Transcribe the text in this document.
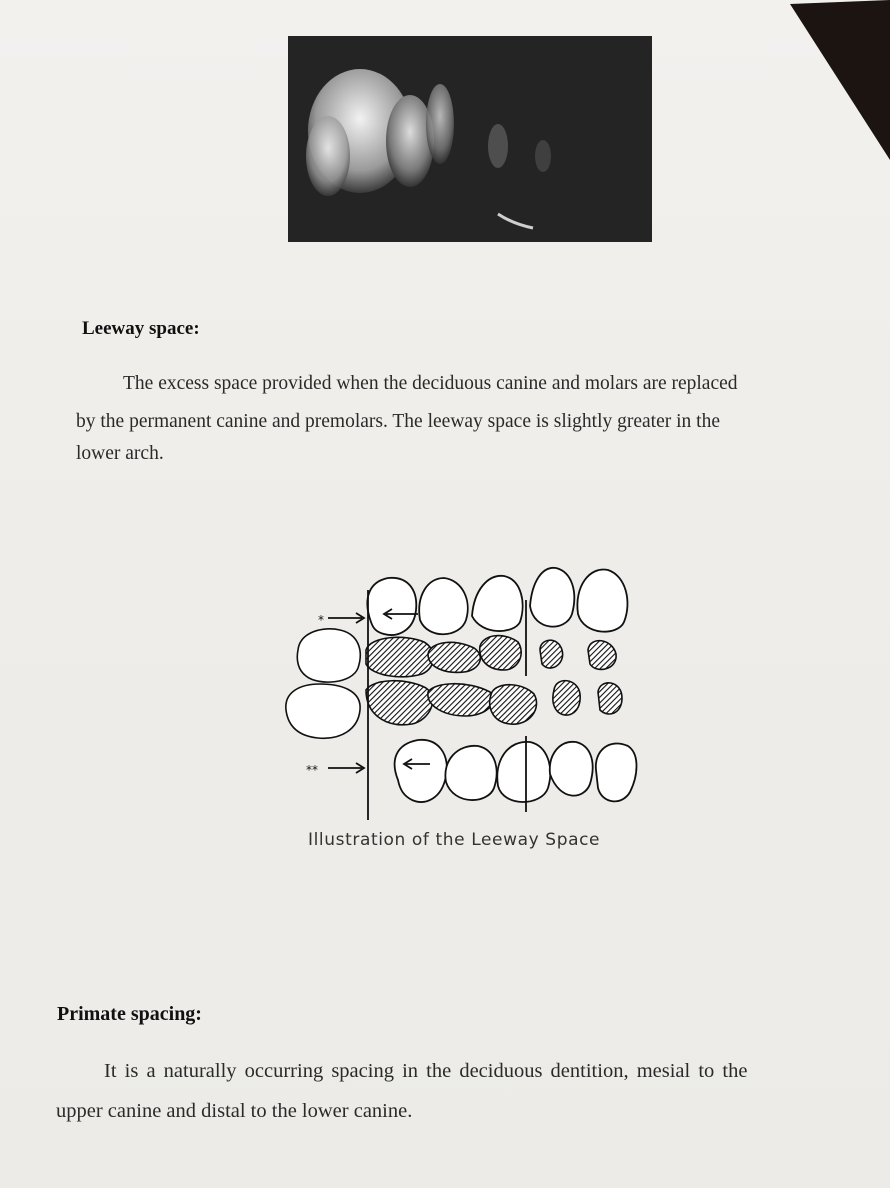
Leeway space:

The excess space provided when the deciduous canine and molars are replaced

by the permanent canine and premolars. The leeway space is slightly greater in the

lower arch.

*
**
Illustration of the Leeway Space
Primate spacing:

It is a naturally occurring spacing in the deciduous dentition, mesial to the

upper canine and distal to the lower canine.
